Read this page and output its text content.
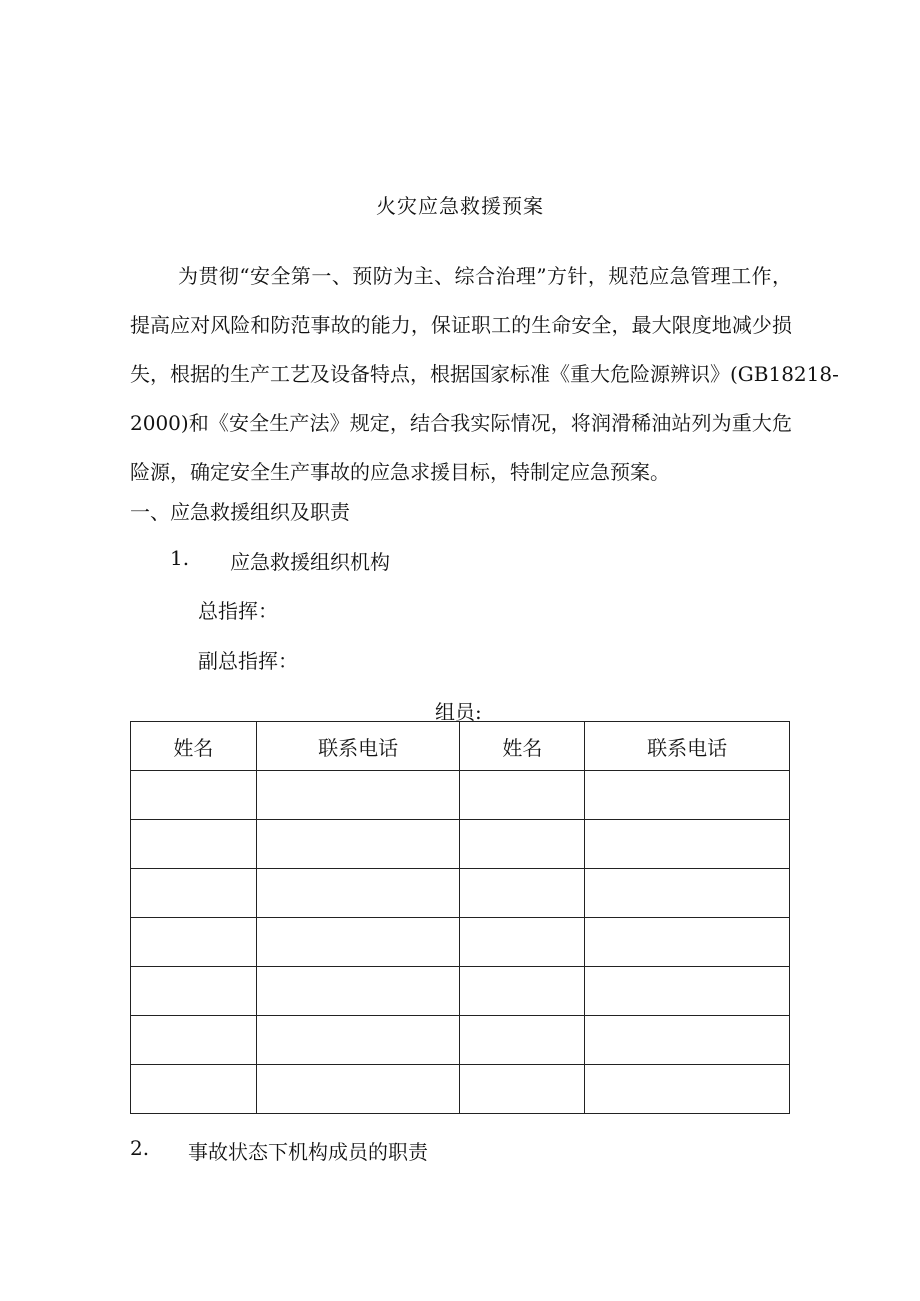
火灾应急救援预案
为贯彻“安全第一、预防为主、综合治理”方针，规范应急管理工作，
提高应对风险和防范事故的能力，保证职工的生命安全，最大限度地减少损
失，根据的生产工艺及设备特点，根据国家标准《重大危险源辨识》(GB18218-
2000)和《安全生产法》规定，结合我实际情况，将润滑稀油站列为重大危
险源，确定安全生产事故的应急求援目标，特制定应急预案。
一、应急救援组织及职责
1. 应急救援组织机构
总指挥：
副总指挥：
组员:
姓名	联系电话	姓名	联系电话

2. 事故状态下机构成员的职责
